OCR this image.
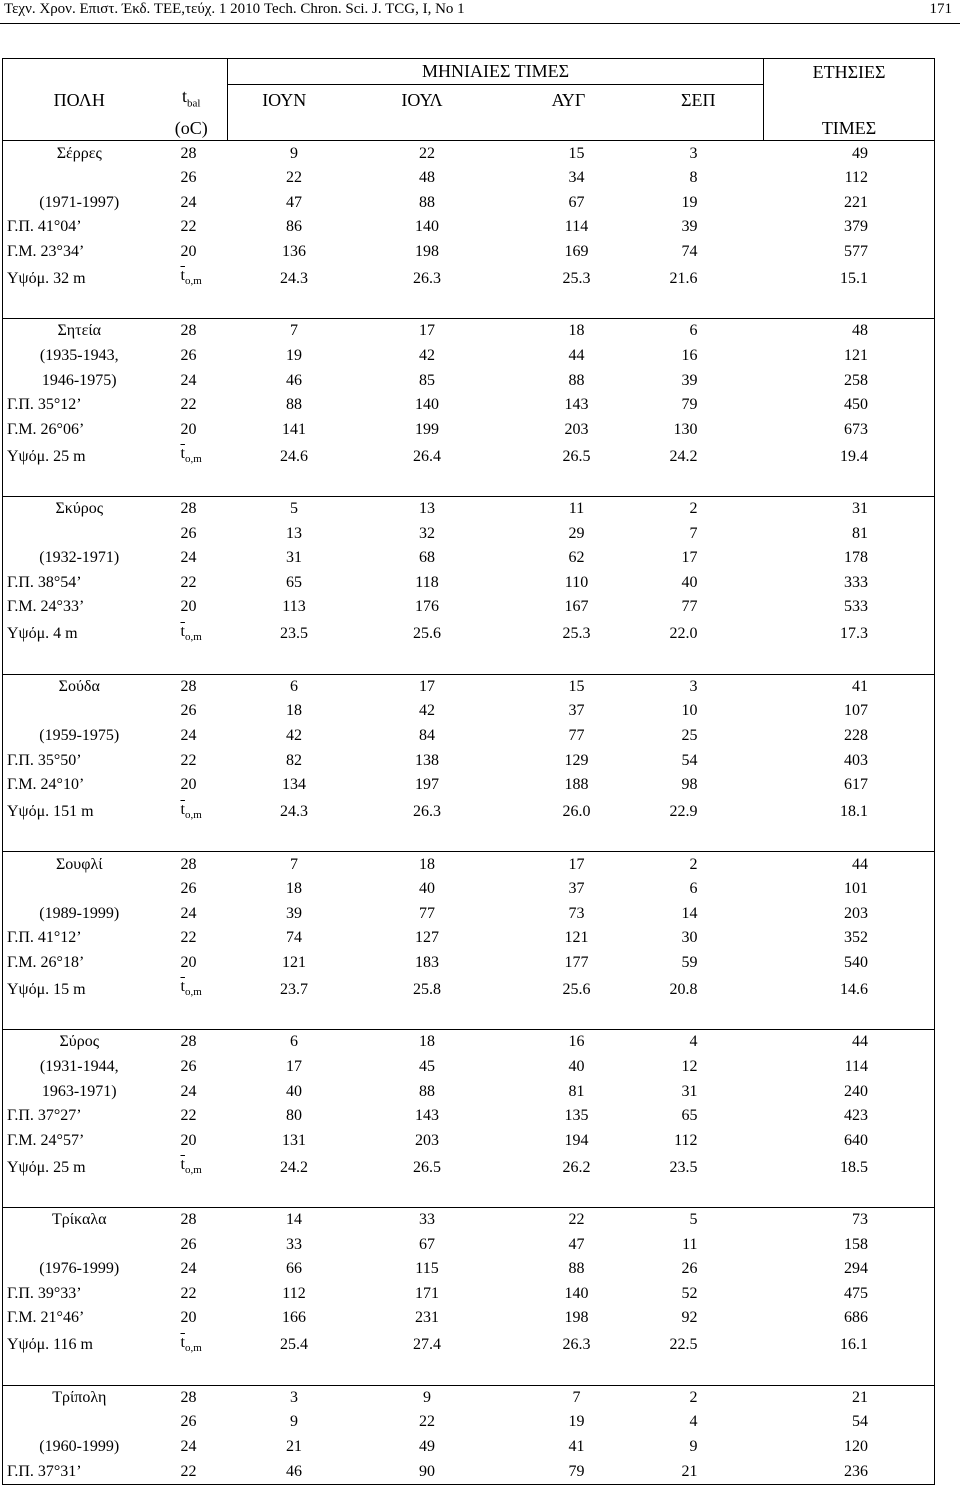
Τεχν. Χρον. Επιστ. Έκδ. ΤΕΕ,τεύχ. 1 2010 Tech. Chron. Sci. J. TCG, I, No 1	171
		ΜΗΝΙΑΙΕΣ ΤΙΜΕΣ				ΕΤΗΣΙΕΣ
ΠΟΛΗ	$t_{bal}$	ΙΟΥΝ	ΙΟΥΛ	ΑΥΓ	ΣΕΠ	
	(oC)					ΤΙΜΕΣ
Σέρρες	28	9	22	15	3	49
	26	22	48	34	8	112
(1971-1997)	24	47	88	67	19	221
Γ.Π. 41°04’	22	86	140	114	39	379
Γ.Μ. 23°34’	20	136	198	169	74	577
Υψόμ. 32 m	$\overline{t}_{o,m}$	24.3	26.3	25.3	21.6	15.1

Σητεία	28	7	17	18	6	48
(1935-1943,	26	19	42	44	16	121
1946-1975)	24	46	85	88	39	258
Γ.Π. 35°12’	22	88	140	143	79	450
Γ.Μ. 26°06’	20	141	199	203	130	673
Υψόμ. 25 m	$\overline{t}_{o,m}$	24.6	26.4	26.5	24.2	19.4

Σκύρος	28	5	13	11	2	31
	26	13	32	29	7	81
(1932-1971)	24	31	68	62	17	178
Γ.Π. 38°54’	22	65	118	110	40	333
Γ.Μ. 24°33’	20	113	176	167	77	533
Υψόμ. 4 m	$\overline{t}_{o,m}$	23.5	25.6	25.3	22.0	17.3

Σούδα	28	6	17	15	3	41
	26	18	42	37	10	107
(1959-1975)	24	42	84	77	25	228
Γ.Π. 35°50’	22	82	138	129	54	403
Γ.Μ. 24°10’	20	134	197	188	98	617
Υψόμ. 151 m	$\overline{t}_{o,m}$	24.3	26.3	26.0	22.9	18.1

Σουφλί	28	7	18	17	2	44
	26	18	40	37	6	101
(1989-1999)	24	39	77	73	14	203
Γ.Π. 41°12’	22	74	127	121	30	352
Γ.Μ. 26°18’	20	121	183	177	59	540
Υψόμ. 15 m	$\overline{t}_{o,m}$	23.7	25.8	25.6	20.8	14.6

Σύρος	28	6	18	16	4	44
(1931-1944,	26	17	45	40	12	114
1963-1971)	24	40	88	81	31	240
Γ.Π. 37°27’	22	80	143	135	65	423
Γ.Μ. 24°57’	20	131	203	194	112	640
Υψόμ. 25 m	$\overline{t}_{o,m}$	24.2	26.5	26.2	23.5	18.5

Τρίκαλα	28	14	33	22	5	73
	26	33	67	47	11	158
(1976-1999)	24	66	115	88	26	294
Γ.Π. 39°33’	22	112	171	140	52	475
Γ.Μ. 21°46’	20	166	231	198	92	686
Υψόμ. 116 m	$\overline{t}_{o,m}$	25.4	27.4	26.3	22.5	16.1

Τρίπολη	28	3	9	7	2	21
	26	9	22	19	4	54
(1960-1999)	24	21	49	41	9	120
Γ.Π. 37°31’	22	46	90	79	21	236
